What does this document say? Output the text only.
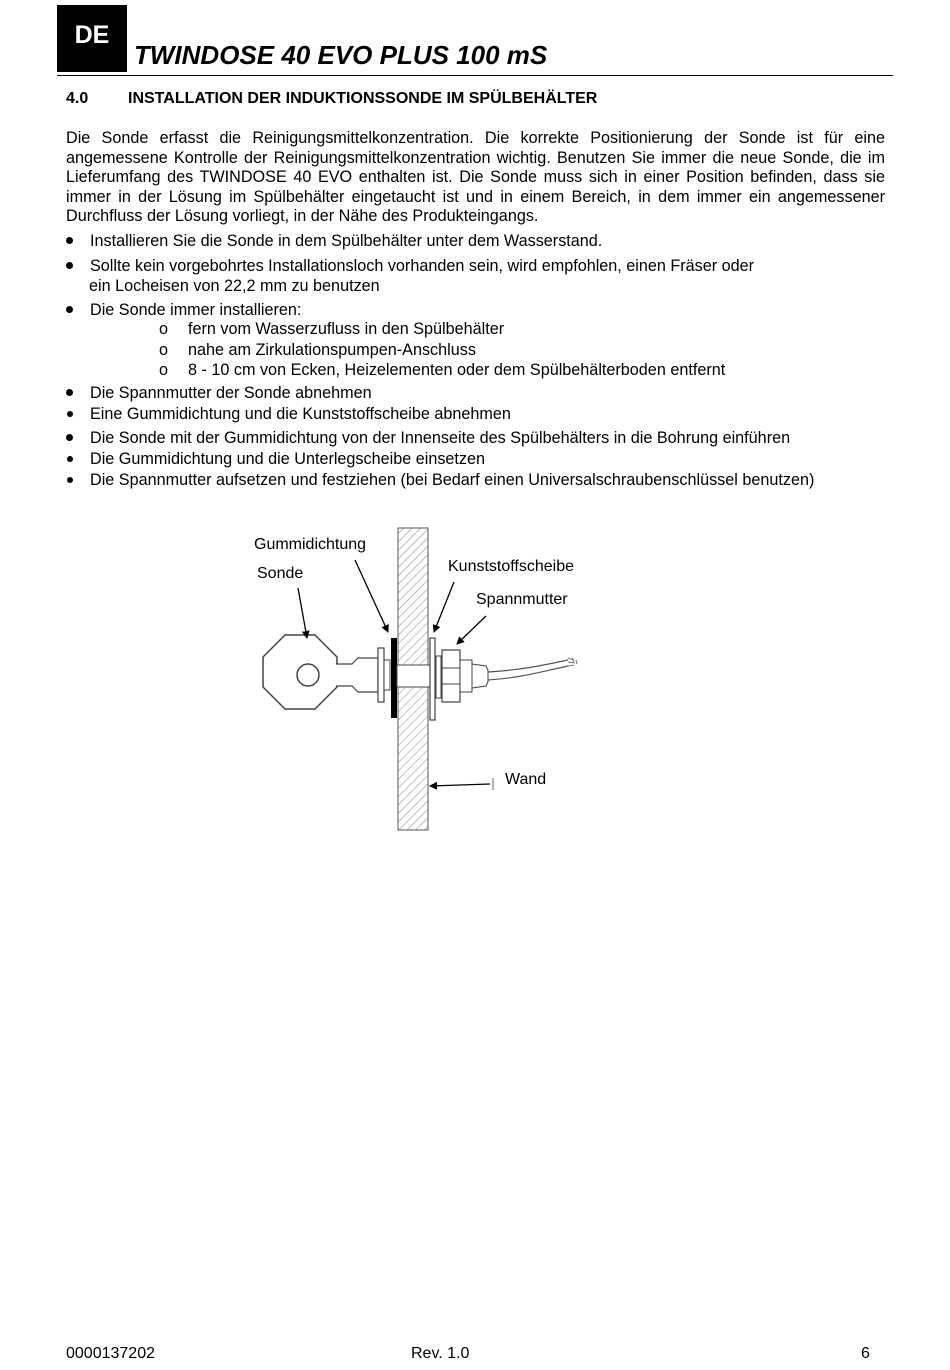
DE
TWINDOSE 40 EVO PLUS 100 mS
4.0 INSTALLATION DER INDUKTIONSSONDE IM SPÜLBEHÄLTER

Die Sonde erfasst die Reinigungsmittelkonzentration. Die korrekte Positionierung der Sonde ist für eine angemessene Kontrolle der Reinigungsmittelkonzentration wichtig. Benutzen Sie immer die neue Sonde, die im Lieferumfang des TWINDOSE 40 EVO enthalten ist. Die Sonde muss sich in einer Position befinden, dass sie immer in der Lösung im Spülbehälter eingetaucht ist und in einem Bereich, in dem immer ein angemessener Durchfluss der Lösung vorliegt, in der Nähe des Produkteingangs.

Installieren Sie die Sonde in dem Spülbehälter unter dem Wasserstand.
Sollte kein vorgebohrtes Installationsloch vorhanden sein, wird empfohlen, einen Fräser oder
ein Locheisen von 22,2 mm zu benutzen
Die Sonde immer installieren:
o fern vom Wasserzufluss in den Spülbehälter
o nahe am Zirkulationspumpen-Anschluss
o 8 - 10 cm von Ecken, Heizelementen oder dem Spülbehälterboden entfernt
Die Spannmutter der Sonde abnehmen
Eine Gummidichtung und die Kunststoffscheibe abnehmen
Die Sonde mit der Gummidichtung von der Innenseite des Spülbehälters in die Bohrung einführen
Die Gummidichtung und die Unterlegscheibe einsetzen
Die Spannmutter aufsetzen und festziehen (bei Bedarf einen Universalschraubenschlüssel benutzen)
Gummidichtung
Sonde	Kunststoffscheibe
Spannmutter
Wand
0000137202	Rev. 1.0	6
